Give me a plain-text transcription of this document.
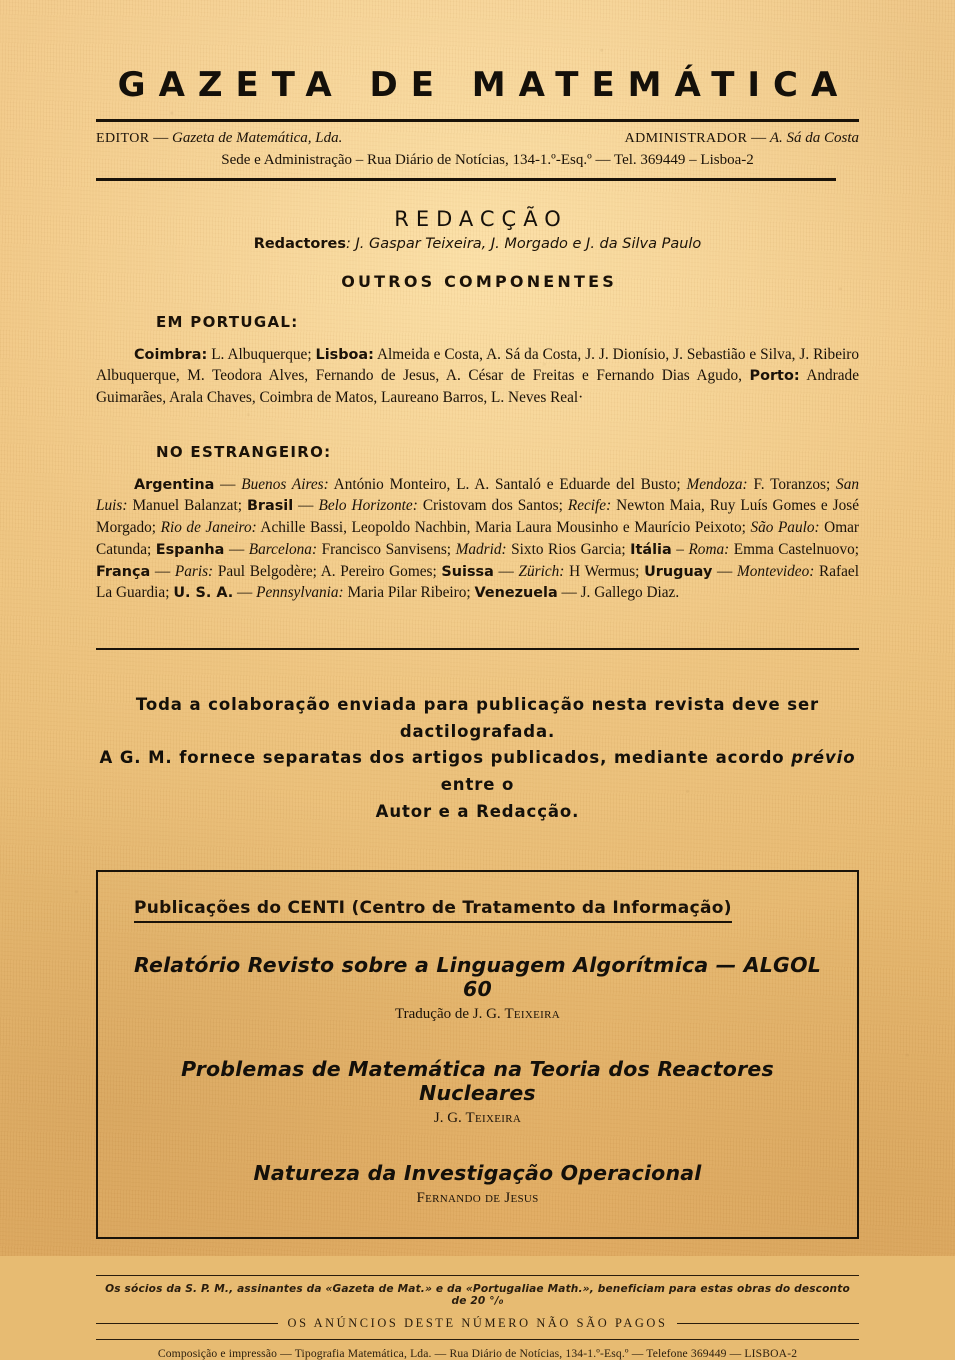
GAZETA DE MATEMÁTICA
EDITOR — Gazeta de Matemática, Lda.	ADMINISTRADOR — A. Sá da Costa
Sede e Administração – Rua Diário de Notícias, 134-1.º-Esq.º — Tel. 369449 – Lisboa-2
REDACÇÃO
Redactores: J. Gaspar Teixeira, J. Morgado e J. da Silva Paulo
OUTROS COMPONENTES
EM PORTUGAL:
Coimbra: L. Albuquerque; Lisboa: Almeida e Costa, A. Sá da Costa, J. J. Dionísio, J. Sebastião e Silva, J. Ribeiro Albuquerque, M. Teodora Alves, Fernando de Jesus, A. César de Freitas e Fernando Dias Agudo, Porto: Andrade Guimarães, Arala Chaves, Coimbra de Matos, Laureano Barros, L. Neves Real·
NO ESTRANGEIRO:
Argentina — Buenos Aires: António Monteiro, L. A. Santaló e Eduarde del Busto; Mendoza: F. Toranzos; San Luis: Manuel Balanzat; Brasil — Belo Horizonte: Cristovam dos Santos; Recife: Newton Maia, Ruy Luís Gomes e José Morgado; Rio de Janeiro: Achille Bassi, Leopoldo Nachbin, Maria Laura Mousinho e Maurício Peixoto; São Paulo: Omar Catunda; Espanha — Barcelona: Francisco Sanvisens; Madrid: Sixto Rios Garcia; Itália – Roma: Emma Castelnuovo; França — Paris: Paul Belgodère; A. Pereiro Gomes; Suissa — Zürich: H Wermus; Uruguay — Montevideo: Rafael La Guardia; U. S. A. — Pennsylvania: Maria Pilar Ribeiro; Venezuela — J. Gallego Diaz.
Toda a colaboração enviada para publicação nesta revista deve ser dactilografada.
A G. M. fornece separatas dos artigos publicados, mediante acordo prévio entre o
Autor e a Redacção.
Publicações do CENTI (Centro de Tratamento da Informação)
Relatório Revisto sobre a Linguagem Algorítmica — ALGOL 60
Tradução de J. G. Teixeira
Problemas de Matemática na Teoria dos Reactores Nucleares
J. G. Teixeira
Natureza da Investigação Operacional
Fernando de Jesus
Os sócios da S. P. M., assinantes da «Gazeta de Mat.» e da «Portugaliae Math.», beneficiam para estas obras do desconto de 20 °/₀
OS ANÚNCIOS DESTE NÚMERO NÃO SÃO PAGOS
Composição e impressão — Tipografia Matemática, Lda. — Rua Diário de Notícias, 134-1.º-Esq.º — Telefone 369449 — LISBOA-2
